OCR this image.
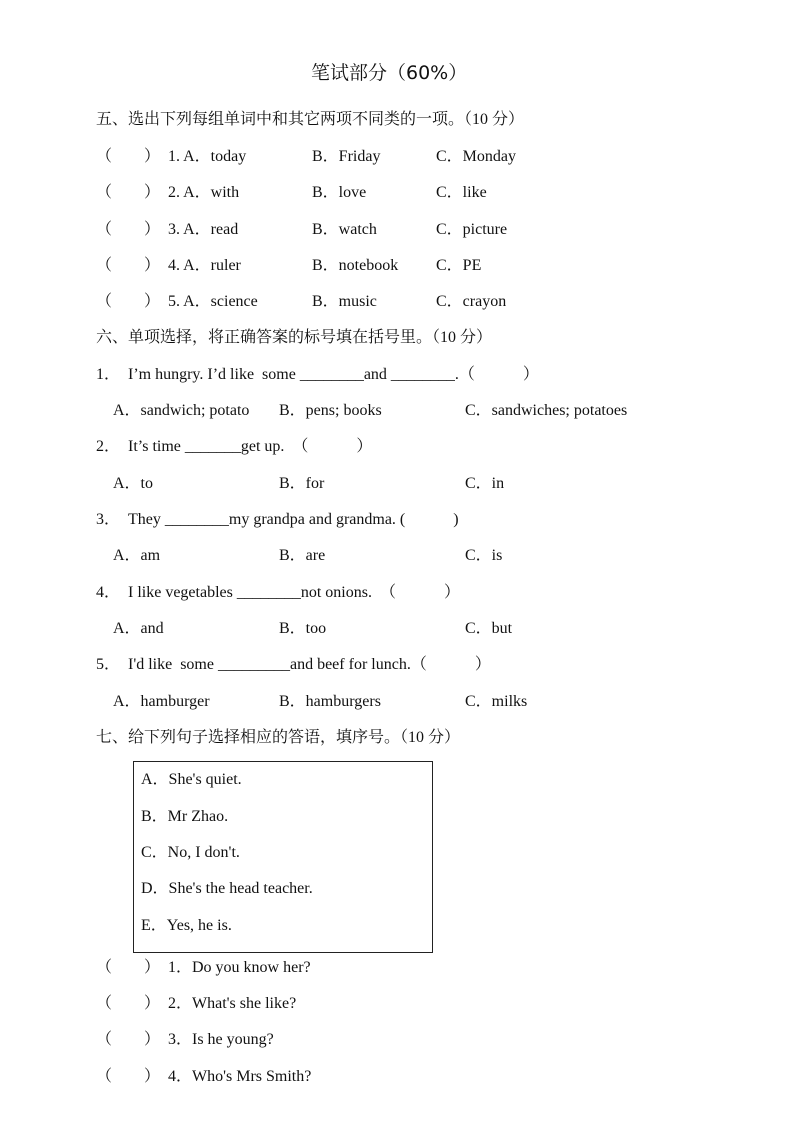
笔试部分（60%）
五、选出下列每组单词中和其它两项不同类的一项。（10 分）
（　　） 1. A．today	B．Friday	C．Monday
（　　） 2. A．with	B．love	C．like
（　　） 3. A．read	B．watch	C．picture
（　　） 4. A．ruler	B．notebook C．PE
（　　） 5. A．science	B．music	C．crayon
六、单项选择，将正确答案的标号填在括号里。（10 分）
1．　I’m hungry. I’d like  some ________and ________.（　　　）
A．sandwich; potato B．pens; books	C．sandwiches; potatoes
2．　It’s time _______get up.  （　　　）
A．to	B．for	C．in
3．　They ________my grandpa and grandma. (　　　)
A．am	B．are	C．is
4．　I like vegetables ________not onions.  （　　　）
A．and	B．too	C．but
5．　I'd like  some _________and beef for lunch.（　　　）
A．hamburger	B．hamburgers	C．milks
七、给下列句子选择相应的答语，填序号。（10 分）
A．She's quiet.
B．Mr Zhao.
C．No, I don't.
D．She's the head teacher.
E．Yes, he is.
（　　） 1．Do you know her?
（　　） 2．What's she like?
（　　） 3．Is he young?
（　　） 4．Who's Mrs Smith?
